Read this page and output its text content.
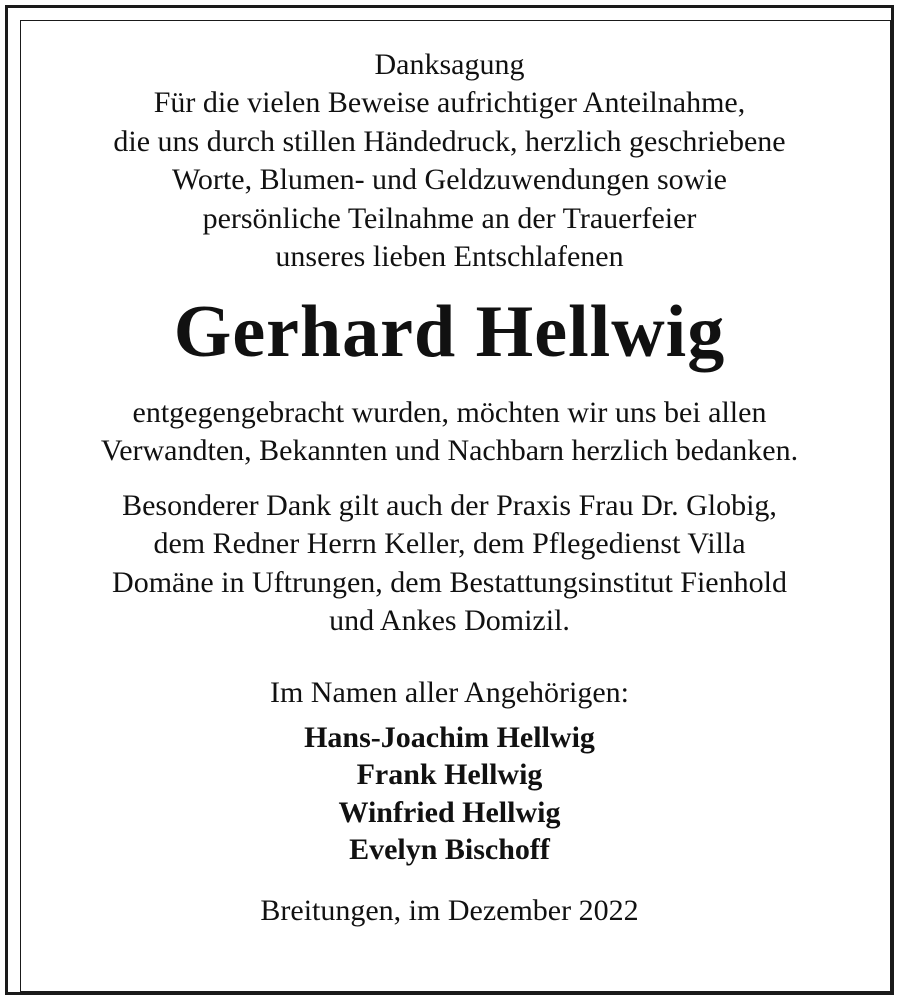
Danksagung
Für die vielen Beweise aufrichtiger Anteilnahme,
die uns durch stillen Händedruck, herzlich geschriebene
Worte, Blumen- und Geldzuwendungen sowie
persönliche Teilnahme an der Trauerfeier
unseres lieben Entschlafenen
Gerhard Hellwig
entgegengebracht wurden, möchten wir uns bei allen
Verwandten, Bekannten und Nachbarn herzlich bedanken.
Besonderer Dank gilt auch der Praxis Frau Dr. Globig,
dem Redner Herrn Keller, dem Pflegedienst Villa
Domäne in Uftrungen, dem Bestattungsinstitut Fienhold
und Ankes Domizil.
Im Namen aller Angehörigen:
Hans-Joachim Hellwig
Frank Hellwig
Winfried Hellwig
Evelyn Bischoff
Breitungen, im Dezember 2022
